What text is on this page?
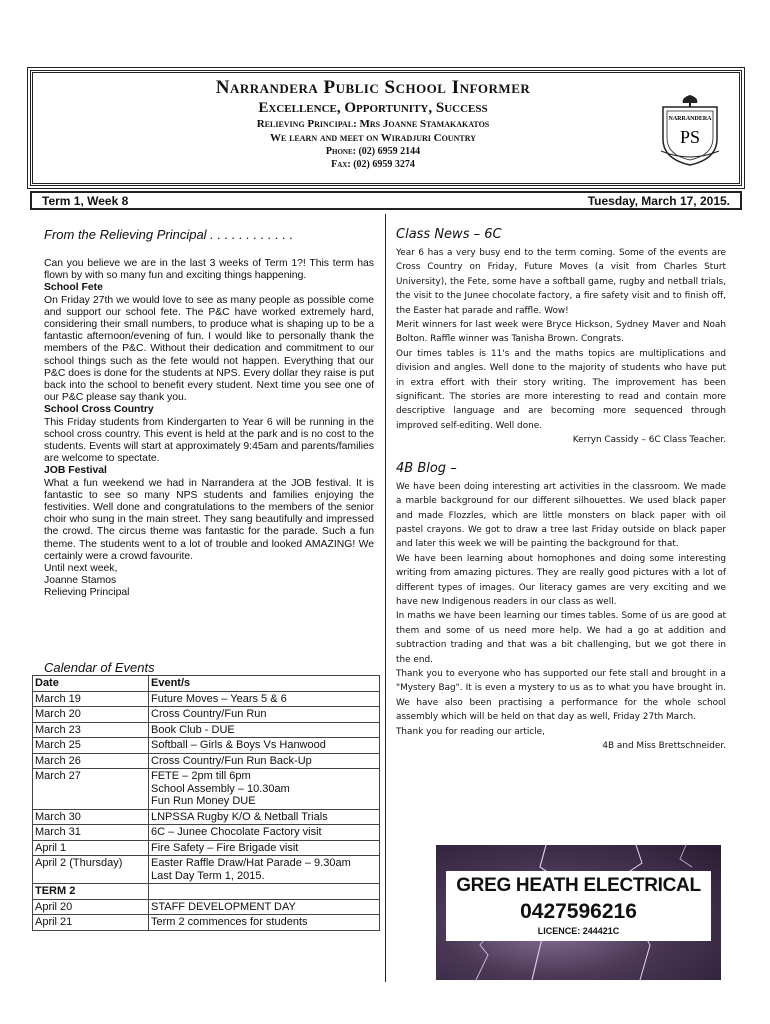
Narrandera Public School Informer
Excellence, Opportunity, Success
Relieving Principal: Mrs Joanne Stamakakatos
We learn and meet on Wiradjuri Country
Phone: (02) 6959 2144
Fax: (02) 6959 3274
NARRANDERA
PS
Term 1, Week 8	Tuesday, March 17, 2015.
From the Relieving Principal . . . . . . . . . . . .

Can you believe we are in the last 3 weeks of Term 1?! This term has flown by with so many fun and exciting things happening.

School Fete

On Friday 27th we would love to see as many people as possible come and support our school fete. The P&C have worked extremely hard, considering their small numbers, to produce what is shaping up to be a fantastic afternoon/evening of fun. I would like to personally thank the members of the P&C. Without their dedication and commitment to our school things such as the fete would not happen. Everything that our P&C does is done for the students at NPS. Every dollar they raise is put back into the school to benefit every student. Next time you see one of our P&C please say thank you.

School Cross Country

This Friday students from Kindergarten to Year 6 will be running in the school cross country. This event is held at the park and is no cost to the students. Events will start at approximately 9:45am and parents/families are welcome to spectate.

JOB Festival

What a fun weekend we had in Narrandera at the JOB festival. It is fantastic to see so many NPS students and families enjoying the festivities. Well done and congratulations to the members of the senior choir who sung in the main street. They sang beautifully and impressed the crowd. The circus theme was fantastic for the parade. Such a fun theme. The students went to a lot of trouble and looked AMAZING! We certainly were a crowd favourite.

Until next week,
Joanne Stamos
Relieving Principal
Calendar of Events
Date	Event/s
March 19	Future Moves – Years 5 & 6
March 20	Cross Country/Fun Run
March 23	Book Club - DUE
March 25	Softball – Girls & Boys Vs Hanwood
March 26	Cross Country/Fun Run Back-Up
March 27	FETE – 2pm till 6pm
School Assembly – 10.30am
Fun Run Money DUE
March 30	LNPSSA Rugby K/O & Netball Trials
March 31	6C – Junee Chocolate Factory visit
April 1	Fire Safety – Fire Brigade visit
April 2 (Thursday)	Easter Raffle Draw/Hat Parade – 9.30am
Last Day Term 1, 2015.
TERM 2	
April 20	STAFF DEVELOPMENT DAY
April 21	Term 2 commences for students
Class News – 6C

Year 6 has a very busy end to the term coming. Some of the events are Cross Country on Friday, Future Moves (a visit from Charles Sturt University), the Fete, some have a softball game, rugby and netball trials, the visit to the Junee chocolate factory, a fire safety visit and to finish off, the Easter hat parade and raffle. Wow!

Merit winners for last week were Bryce Hickson, Sydney Maver and Noah Bolton. Raffle winner was Tanisha Brown. Congrats.

Our times tables is 11's and the maths topics are multiplications and division and angles. Well done to the majority of students who have put in extra effort with their story writing. The improvement has been significant. The stories are more interesting to read and contain more descriptive language and are becoming more sequenced through improved self-editing. Well done.

Kerryn Cassidy – 6C Class Teacher.

4B Blog –

We have been doing interesting art activities in the classroom. We made a marble background for our different silhouettes. We used black paper and made Flozzles, which are little monsters on black paper with oil pastel crayons. We got to draw a tree last Friday outside on black paper and later this week we will be painting the background for that.

We have been learning about homophones and doing some interesting writing from amazing pictures. They are really good pictures with a lot of different types of images. Our literacy games are very exciting and we have new Indigenous readers in our class as well.

In maths we have been learning our times tables. Some of us are good at them and some of us need more help. We had a go at addition and subtraction trading and that was a bit challenging, but we got there in the end.

Thank you to everyone who has supported our fete stall and brought in a "Mystery Bag". It is even a mystery to us as to what you have brought in. We have also been practising a performance for the whole school assembly which will be held on that day as well, Friday 27th March.

Thank you for reading our article,

4B and Miss Brettschneider.

GREG HEATH ELECTRICAL
0427596216
LICENCE: 244421C
